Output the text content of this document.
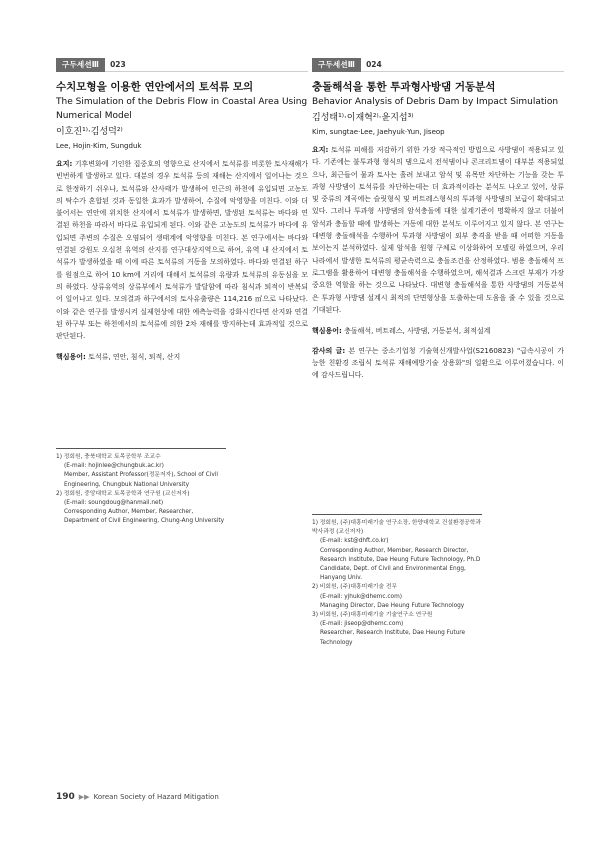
구두세션Ⅲ	023
수치모형을 이용한 연안에서의 토석류 모의
The Simulation of the Debris Flow in Coastal Area Using Numerical Model
이호진¹⁾·김성덕²⁾
Lee, Hojin·Kim, Sungduk
요지: 기후변화에 기인한 집중호의 영향으로 산지에서 토석류를 비롯한 토사재해가 빈번하게 발생하고 있다. 대분의 경우 토석류 등의 재해는 산지에서 일어나는 것으로 한정하기 쉬우나, 토석류와 산사태가 발생하여 인근의 하천에 유입되면 고농도의 탁수가 혼합된 것과 동일한 효과가 발생하여, 수질에 악영향을 미친다. 이와 더불어서는 연안에 위치한 산지에서 토석류가 발생하면, 발생된 토석류는 바다와 연결된 하천을 따라서 바다로 유입되게 된다. 이와 같은 고농도의 토석류가 바다에 유입되면 주변의 수질은 오염되어 생태계에 악영향을 미친다. 본 연구에서는 바다와 연결된 강원도 오십천 유역의 산지를 연구대상지역으로 하여, 유역 내 산지에서 토석류가 발생하였을 때 이에 따른 토석류의 거동을 모의하였다. 바다와 연결된 하구를 원점으로 하여 10 km에 거리에 대해서 토석류의 유량과 토석류의 유동심을 모의 하였다. 상류유역의 상류부에서 토석류가 발달함에 따라 침식과 퇴적이 반복되어 일어나고 있다. 모의결과 하구에서의 토사유출량은 114,216 ㎥으로 나타났다. 이와 같은 연구를 발생시켜 실제현상에 대한 예측능력을 강화시킨다면 산지와 연결된 하구부 또는 하천에서의 토석류에 의한 2차 재해를 방지하는데 효과적일 것으로 판단된다.
핵심용어: 토석류, 연안, 침식, 퇴적, 산지
1) 정회원, 충북대학교 토목공학부 조교수
(E-mail: hojinlee@chungbuk.ac.kr)
Member, Assistant Professor(정문저자), School of Civil Engineering, Chungbuk National University
2) 정회원, 중앙대학교 토목공학과 연구원 (교신저자)
(E-mail: soungdoug@hanmail.net)
Corresponding Author, Member, Researcher, Department of Civil Engineering, Chung-Ang University
구두세션Ⅲ	024
충돌해석을 통한 투과형사방댐 거동분석
Behavior Analysis of Debris Dam by Impact Simulation
김성태¹⁾·이재혁²⁾·윤지섭³⁾
Kim, sungtae·Lee, Jaehyuk·Yun, Jiseop
요지: 토석류 피해를 저감하기 위한 가장 적극적인 방법으로 사방댐이 적용되고 있다. 기존에는 불투과형 형식의 댐으로서 전석댐이나 콘크리트댐이 대부분 적용되었으나, 최근들어 물과 토사는 흘려 보내고 암석 및 유목만 차단하는 기능을 갖는 투과형 사방댐이 토석류를 차단하는데는 더 효과적이라는 분석도 나오고 있어, 상류 및 중류의 계곡에는 슬릿형식 및 버트레스형식의 투과형 사방댐의 보급이 확대되고 있다. 그러나 투과형 사방댐의 암석충돌에 대한 설계기준이 명확하지 않고 더불어 암석과 충돌할 때에 발생하는 거동에 대한 분석도 이루어지고 있지 않다. 본 연구는 대변형 충돌해석을 수행하여 투과형 사방댐이 외부 충격을 받을 때 어떠한 거동을 보이는지 분석하였다. 실제 암석을 원형 구체로 이상화하여 모델링 하였으며, 우리나라에서 발생한 토석류의 평균속력으로 충돌조건을 산정하였다. 범용 충돌해석 프로그램을 활용하여 대변형 충돌해석을 수행하였으며, 해석결과 스크린 부재가 가장 중요한 역할을 하는 것으로 나타났다. 대변형 충돌해석을 통한 사방댐의 거동분석은 투과형 사방댐 설계시 최적의 단면형상을 도출하는데 도움을 줄 수 있을 것으로 기대된다.
핵심용어: 충돌해석, 버트레스, 사방댐, 거동분석, 최적설계
감사의 글: 본 연구는 중소기업청 기술혁신개발사업(S2160823) "급속시공이 가능한 친환경 조립식 토석류 재해예방기술 상용화"의 일환으로 이루어졌습니다. 이에 감사드립니다.
1) 정회원, (주)대흥미래기술 연구소장, 한양대학교 건설환경공학과 박사과정 (교신저자)
(E-mail: kst@dhft.co.kr)
Corresponding Author, Member, Research Director, Research Institute, Dae Heung Future Technology, Ph.D Candidate, Dept. of Civil and Environmental Engg, Hanyang Univ.
2) 비회원, (주)대흥미래기술 전무
(E-mail: yjhuk@dhemc.com)
Managing Director, Dae Heung Future Technology
3) 비회원, (주)대흥미래기술 기술연구소 연구원
(E-mail: jiseop@dhemc.com)
Researcher, Research Institute, Dae Heung Future Technology
190 ▶▶ Korean Society of Hazard Mitigation
